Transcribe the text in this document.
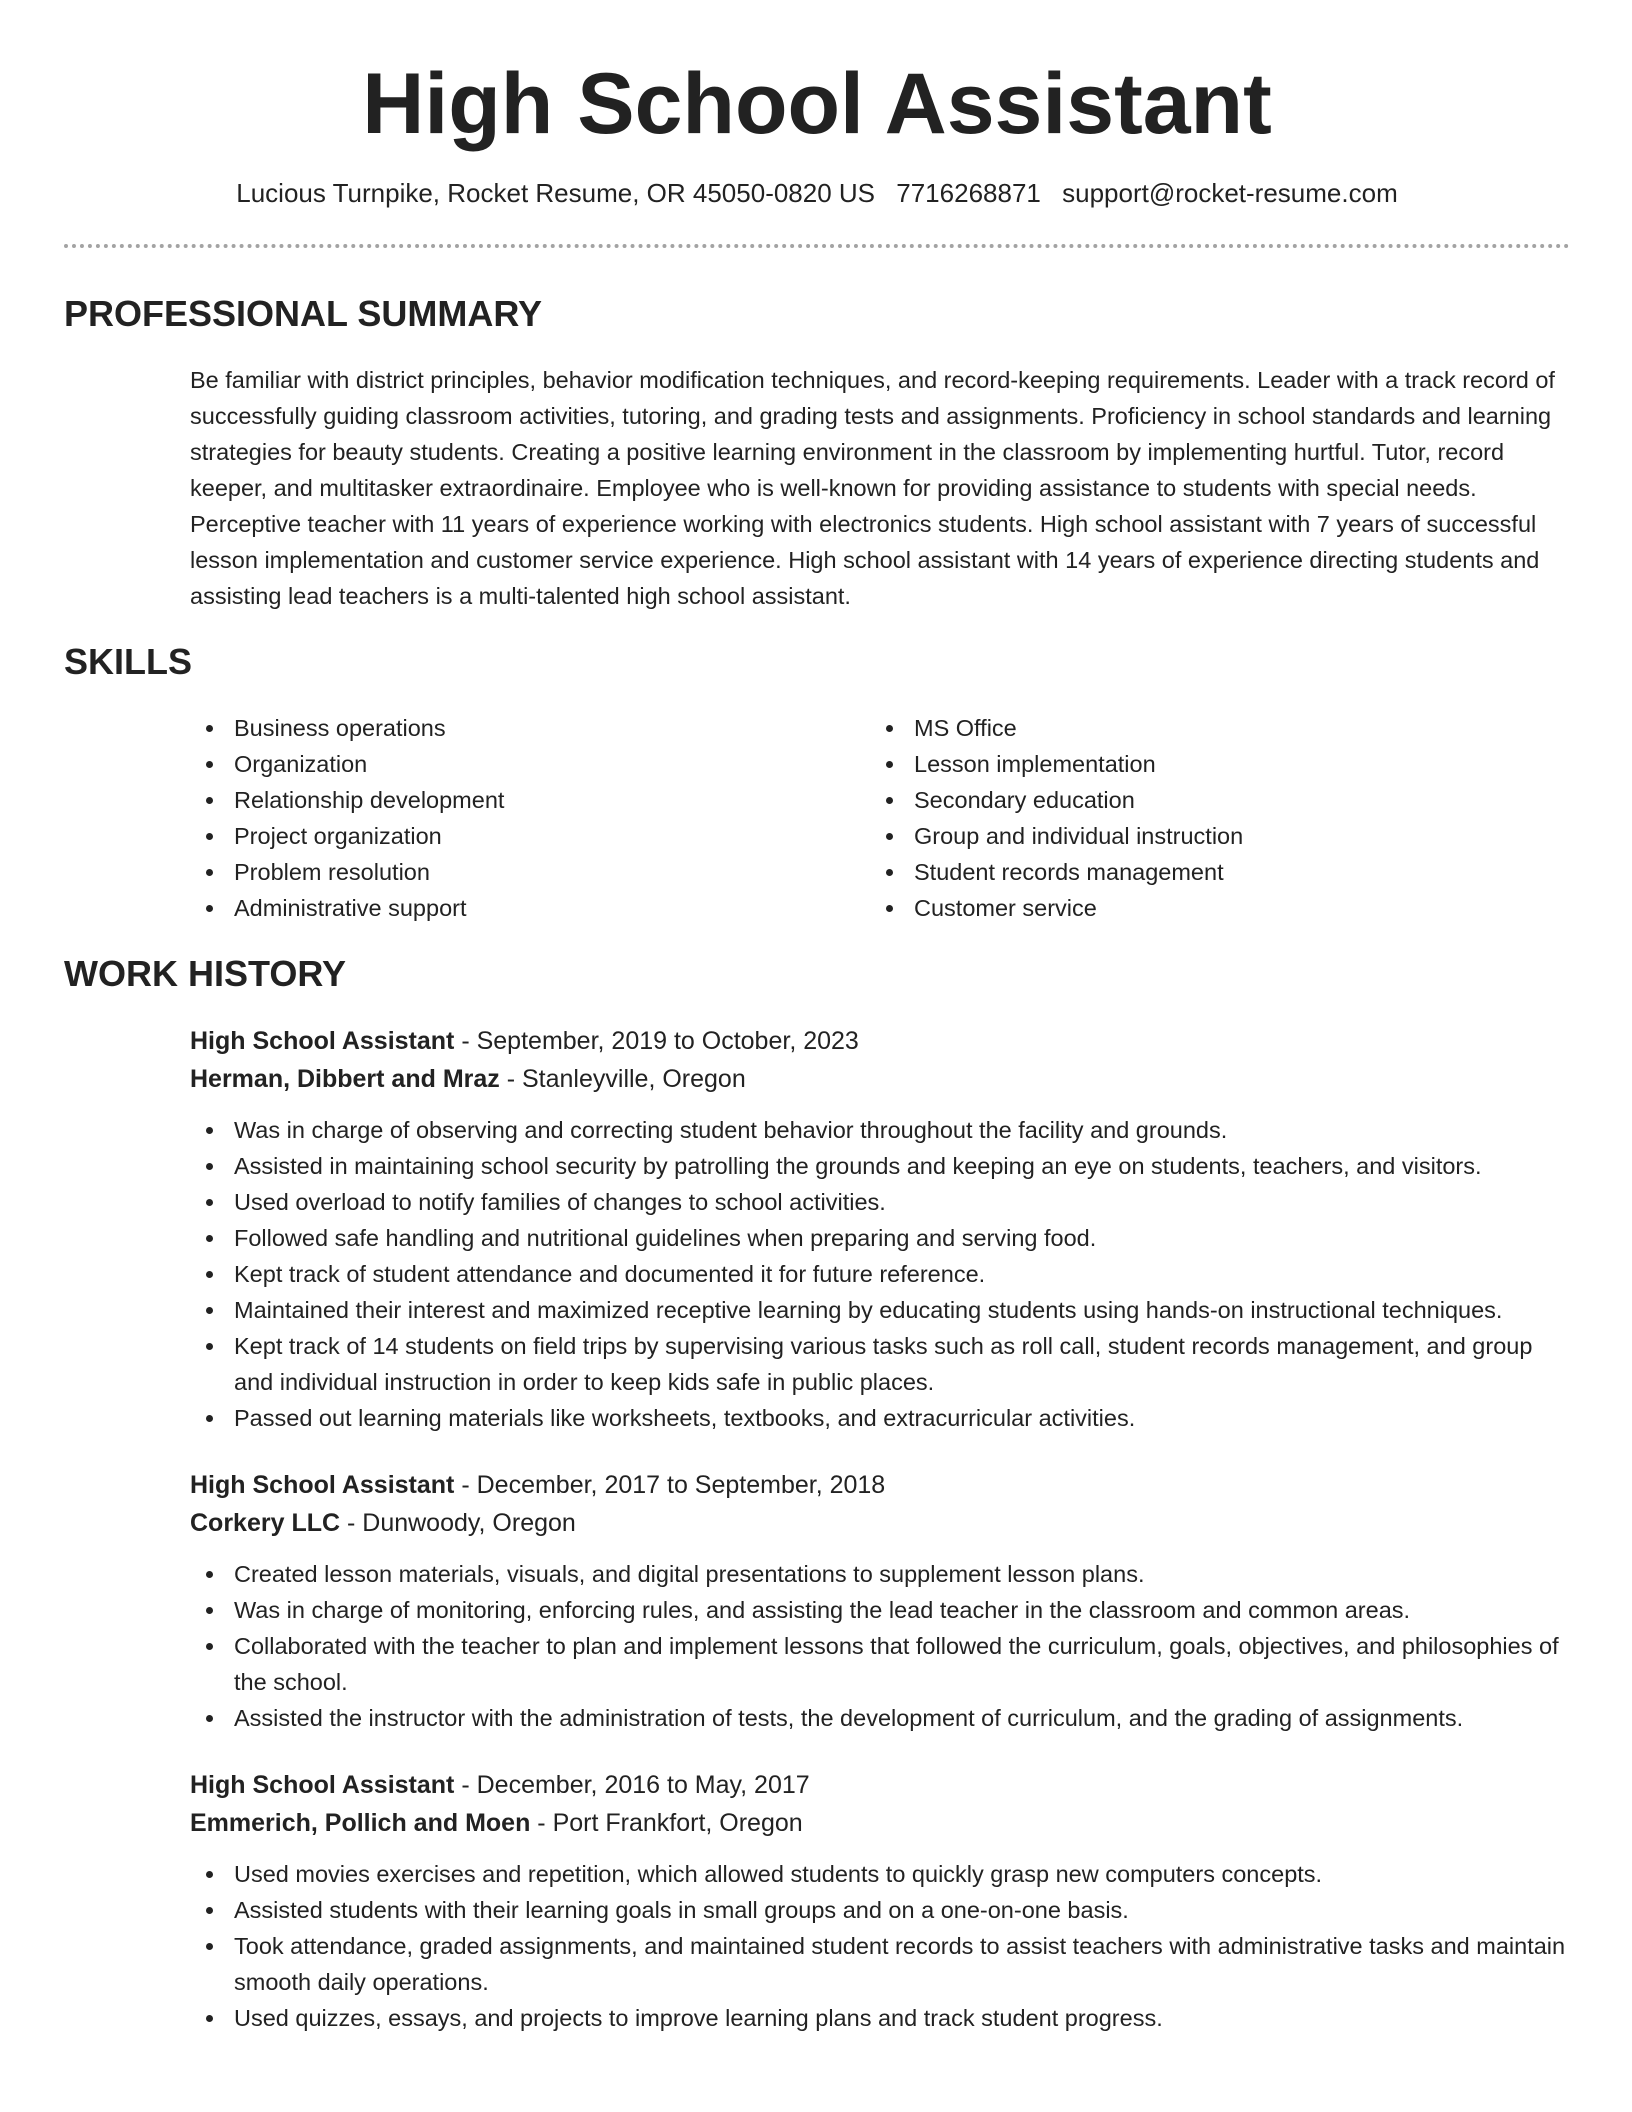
High School Assistant
Lucious Turnpike, Rocket Resume, OR 45050-0820 US 7716268871 support@rocket-resume.com
PROFESSIONAL SUMMARY

Be familiar with district principles, behavior modification techniques, and record-keeping requirements. Leader with a track record of successfully guiding classroom activities, tutoring, and grading tests and assignments. Proficiency in school standards and learning strategies for beauty students. Creating a positive learning environment in the classroom by implementing hurtful. Tutor, record keeper, and multitasker extraordinaire. Employee who is well-known for providing assistance to students with special needs. Perceptive teacher with 11 years of experience working with electronics students. High school assistant with 7 years of successful lesson implementation and customer service experience. High school assistant with 14 years of experience directing students and assisting lead teachers is a multi-talented high school assistant.

SKILLS
Business operations
Organization
Relationship development
Project organization
Problem resolution
Administrative support
MS Office
Lesson implementation
Secondary education
Group and individual instruction
Student records management
Customer service
WORK HISTORY
High School Assistant - September, 2019 to October, 2023
Herman, Dibbert and Mraz - Stanleyville, Oregon
Was in charge of observing and correcting student behavior throughout the facility and grounds.
Assisted in maintaining school security by patrolling the grounds and keeping an eye on students, teachers, and visitors.
Used overload to notify families of changes to school activities.
Followed safe handling and nutritional guidelines when preparing and serving food.
Kept track of student attendance and documented it for future reference.
Maintained their interest and maximized receptive learning by educating students using hands-on instructional techniques.
Kept track of 14 students on field trips by supervising various tasks such as roll call, student records management, and group and individual instruction in order to keep kids safe in public places.
Passed out learning materials like worksheets, textbooks, and extracurricular activities.
High School Assistant - December, 2017 to September, 2018
Corkery LLC - Dunwoody, Oregon
Created lesson materials, visuals, and digital presentations to supplement lesson plans.
Was in charge of monitoring, enforcing rules, and assisting the lead teacher in the classroom and common areas.
Collaborated with the teacher to plan and implement lessons that followed the curriculum, goals, objectives, and philosophies of the school.
Assisted the instructor with the administration of tests, the development of curriculum, and the grading of assignments.
High School Assistant - December, 2016 to May, 2017
Emmerich, Pollich and Moen - Port Frankfort, Oregon
Used movies exercises and repetition, which allowed students to quickly grasp new computers concepts.
Assisted students with their learning goals in small groups and on a one-on-one basis.
Took attendance, graded assignments, and maintained student records to assist teachers with administrative tasks and maintain smooth daily operations.
Used quizzes, essays, and projects to improve learning plans and track student progress.
